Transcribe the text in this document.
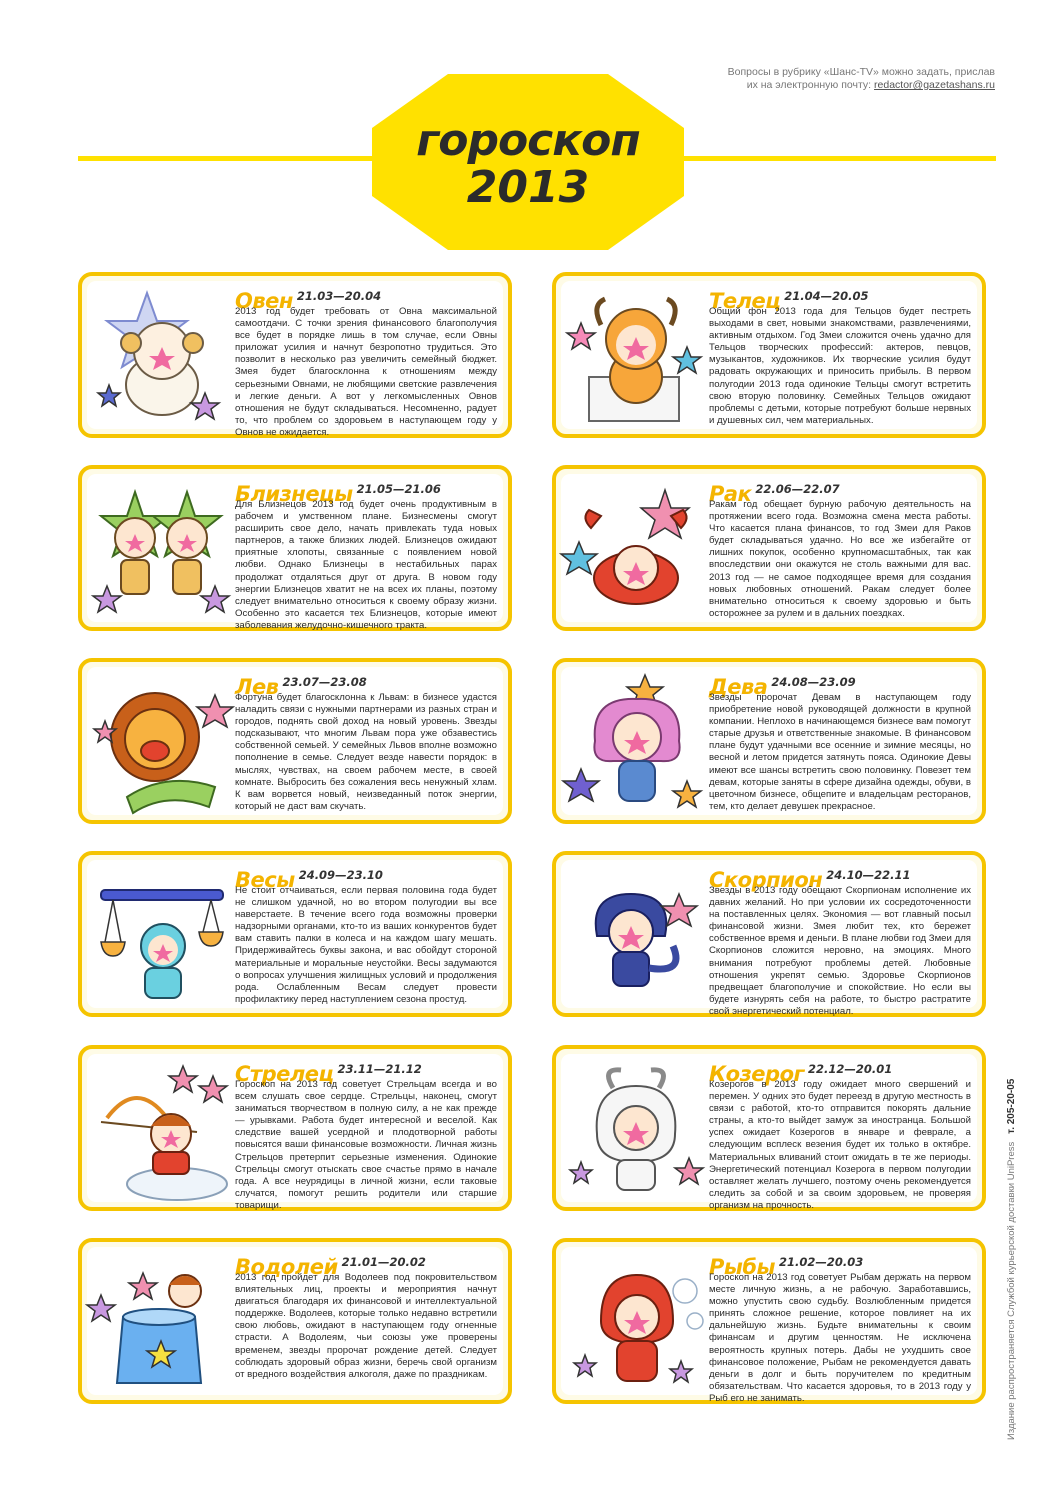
Вопросы в рубрику «Шанс-TV» можно задать, прислав
их на электронную почту: redactor@gazetashans.ru
гороскоп
2013
Овен $^{21.03—20.04}$
2013 год будет требовать от Овна максимальной самоотдачи. С точки зрения финансового благополучия все будет в порядке лишь в том случае, если Овны приложат усилия и начнут безропотно трудиться. Это позволит в несколько раз увеличить семейный бюджет. Змея будет благосклонна к отношениям между серьезными Овнами, не любящими светские развлечения и легкие деньги. А вот у легкомысленных Овнов отношения не будут складываться. Несомненно, радует то, что проблем со здоровьем в наступающем году у Овнов не ожидается.
Телец $^{21.04—20.05}$
Общий фон 2013 года для Тельцов будет пестреть выходами в свет, новыми знакомствами, развлечениями, активным отдыхом. Год Змеи сложится очень удачно для Тельцов творческих профессий: актеров, певцов, музыкантов, художников. Их творческие усилия будут радовать окружающих и приносить прибыль. В первом полугодии 2013 года одинокие Тельцы смогут встретить свою вторую половинку. Семейных Тельцов ожидают проблемы с детьми, которые потребуют больше нервных и душевных сил, чем материальных.
Близнецы $^{21.05—21.06}$
Для Близнецов 2013 год будет очень продуктивным в рабочем и умственном плане. Бизнесмены смогут расширить свое дело, начать привлекать туда новых партнеров, а также близких людей. Близнецов ожидают приятные хлопоты, связанные с появлением новой любви. Однако Близнецы в нестабильных парах продолжат отдаляться друг от друга. В новом году энергии Близнецов хватит не на всех их планы, поэтому следует внимательно относиться к своему образу жизни. Особенно это касается тех Близнецов, которые имеют заболевания желудочно-кишечного тракта.
Рак $^{22.06—22.07}$
Ракам год обещает бурную рабочую деятельность на протяжении всего года. Возможна смена места работы. Что касается плана финансов, то год Змеи для Раков будет складываться удачно. Но все же избегайте от лишних покупок, особенно крупномасштабных, так как впоследствии они окажутся не столь важными для вас. 2013 год — не самое подходящее время для создания новых любовных отношений. Ракам следует более внимательно относиться к своему здоровью и быть осторожнее за рулем и в дальних поездках.
Лев $^{23.07—23.08}$
Фортуна будет благосклонна к Львам: в бизнесе удастся наладить связи с нужными партнерами из разных стран и городов, поднять свой доход на новый уровень. Звезды подсказывают, что многим Львам пора уже обзавестись собственной семьей. У семейных Львов вполне возможно пополнение в семье. Следует везде навести порядок: в мыслях, чувствах, на своем рабочем месте, в своей комнате. Выбросить без сожаления весь ненужный хлам. К вам ворвется новый, неизведанный поток энергии, который не даст вам скучать.
Дева $^{24.08—23.09}$
Звезды пророчат Девам в наступающем году приобретение новой руководящей должности в крупной компании. Неплохо в начинающемся бизнесе вам помогут старые друзья и ответственные знакомые. В финансовом плане будут удачными все осенние и зимние месяцы, но весной и летом придется затянуть пояса. Одинокие Девы имеют все шансы встретить свою половинку. Повезет тем девам, которые заняты в сфере дизайна одежды, обуви, в цветочном бизнесе, общепите и владельцам ресторанов, тем, кто делает девушек прекрасное.
Весы $^{24.09—23.10}$
Не стоит отчаиваться, если первая половина года будет не слишком удачной, но во втором полугодии вы все наверстаете. В течение всего года возможны проверки надзорными органами, кто-то из ваших конкурентов будет вам ставить палки в колеса и на каждом шагу мешать. Придерживайтесь буквы закона, и вас обойдут стороной материальные и моральные неустойки. Весы задумаются о вопросах улучшения жилищных условий и продолжения рода. Ослабленным Весам следует провести профилактику перед наступлением сезона простуд.
Скорпион $^{24.10—22.11}$
Звезды в 2013 году обещают Скорпионам исполнение их давних желаний. Но при условии их сосредоточенности на поставленных целях. Экономия — вот главный посыл финансовой жизни. Змея любит тех, кто бережет собственное время и деньги. В плане любви год Змеи для Скорпионов сложится неровно, на эмоциях. Много внимания потребуют проблемы детей. Любовные отношения укрепят семью. Здоровье Скорпионов предвещает благополучие и спокойствие. Но если вы будете изнурять себя на работе, то быстро растратите свой энергетический потенциал.
Стрелец $^{23.11—21.12}$
Гороскоп на 2013 год советует Стрельцам всегда и во всем слушать свое сердце. Стрельцы, наконец, смогут заниматься творчеством в полную силу, а не как прежде — урывками. Работа будет интересной и веселой. Как следствие вашей усердной и плодотворной работы повысятся ваши финансовые возможности. Личная жизнь Стрельцов претерпит серьезные изменения. Одинокие Стрельцы смогут отыскать свое счастье прямо в начале года. А все неурядицы в личной жизни, если таковые случатся, помогут решить родители или старшие товарищи.
Козерог $^{22.12—20.01}$
Козерогов в 2013 году ожидает много свершений и перемен. У одних это будет переезд в другую местность в связи с работой, кто-то отправится покорять дальние страны, а кто-то выйдет замуж за иностранца. Большой успех ожидает Козерогов в январе и феврале, а следующим всплеск везения будет их только в октябре. Материальных вливаний стоит ожидать в те же периоды. Энергетический потенциал Козерога в первом полугодии оставляет желать лучшего, поэтому очень рекомендуется следить за собой и за своим здоровьем, не проверяя организм на прочность.
Водолей $^{21.01—20.02}$
2013 год пройдет для Водолеев под покровительством влиятельных лиц, проекты и мероприятия начнут двигаться благодаря их финансовой и интеллектуальной поддержке. Водолеев, которые только недавно встретили свою любовь, ожидают в наступающем году огненные страсти. А Водолеям, чьи союзы уже проверены временем, звезды пророчат рождение детей. Следует соблюдать здоровый образ жизни, беречь свой организм от вредного воздействия алкоголя, даже по праздникам.
Рыбы $^{21.02—20.03}$
Гороскоп на 2013 год советует Рыбам держать на первом месте личную жизнь, а не рабочую. Заработавшись, можно упустить свою судьбу. Возлюбленным придется принять сложное решение, которое повлияет на их дальнейшую жизнь. Будьте внимательны к своим финансам и другим ценностям. Не исключена вероятность крупных потерь. Дабы не ухудшить свое финансовое положение, Рыбам не рекомендуется давать деньги в долг и быть поручителем по кредитным обязательствам. Что касается здоровья, то в 2013 году у Рыб его не занимать.	Издание распространяется Службой курьерской доставки UniPress   т. 205-20-05
